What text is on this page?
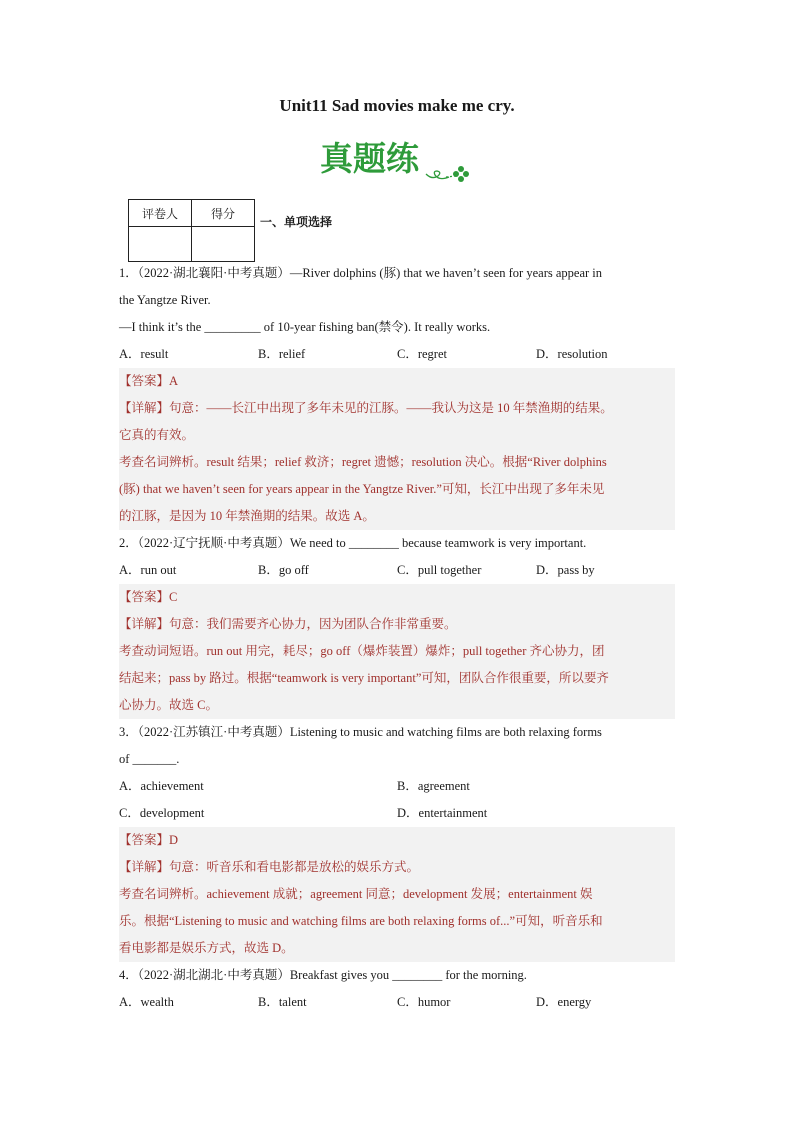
Unit11 Sad movies make me cry.
真题练
评卷人	得分

一、单项选择
1．（2022·湖北襄阳·中考真题）—River dolphins (豚) that we haven’t seen for years appear in
the Yangtze River.
—I think it’s the _________ of 10-year fishing ban(禁令). It really works.
A．result	B．relief	C．regret	D．resolution
【答案】A
【详解】句意：——长江中出现了多年未见的江豚。——我认为这是 10 年禁渔期的结果。
它真的有效。
考查名词辨析。result 结果；relief 救济；regret 遗憾；resolution 决心。根据“River dolphins
(豚) that we haven’t seen for years appear in the Yangtze River.”可知，长江中出现了多年未见
的江豚，是因为 10 年禁渔期的结果。故选 A。
2．（2022·辽宁抚顺·中考真题）We need to ________ because teamwork is very important.
A．run out	B．go off	C．pull together	D．pass by
【答案】C
【详解】句意：我们需要齐心协力，因为团队合作非常重要。
考查动词短语。run out 用完，耗尽；go off（爆炸装置）爆炸；pull together 齐心协力，团
结起来；pass by 路过。根据“teamwork is very important”可知，团队合作很重要，所以要齐
心协力。故选 C。
3．（2022·江苏镇江·中考真题）Listening to music and watching films are both relaxing forms
of _______.
A．achievement	B．agreement
C．development	D．entertainment
【答案】D
【详解】句意：听音乐和看电影都是放松的娱乐方式。
考查名词辨析。achievement 成就；agreement 同意；development 发展；entertainment 娱
乐。根据“Listening to music and watching films are both relaxing forms of...”可知，听音乐和
看电影都是娱乐方式，故选 D。
4．（2022·湖北湖北·中考真题）Breakfast gives you ________ for the morning.
A．wealth	B．talent	C．humor	D．energy
